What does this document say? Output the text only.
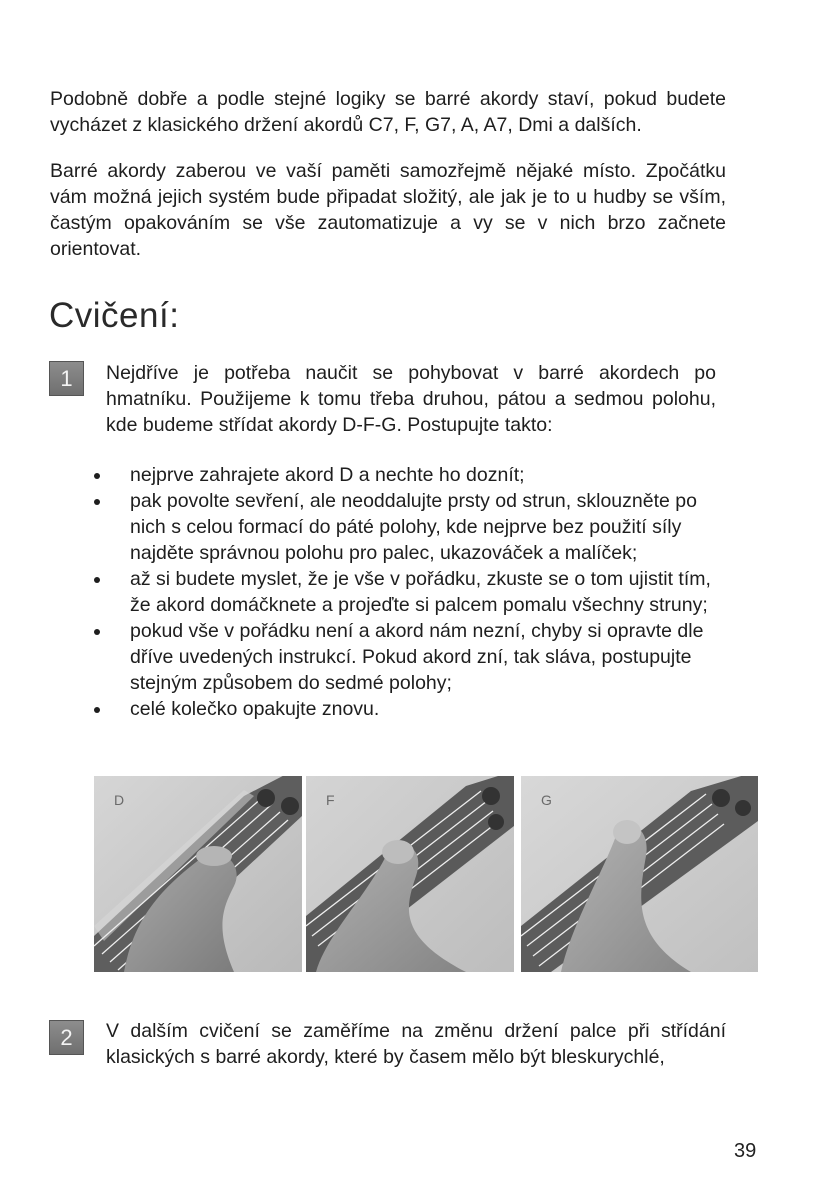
Podobně dobře a podle stejné logiky se barré akordy staví, pokud budete vycházet z klasického držení akordů C7, F, G7, A, A7, Dmi a dalších.

Barré akordy zaberou ve vaší paměti samozřejmě nějaké místo. Zpočátku vám možná jejich systém bude připadat složitý, ale jak je to u hudby se vším, častým opakováním se vše zautomatizuje a vy se v nich brzo začnete orientovat.

Cvičení:
1	Nejdříve je potřeba naučit se pohybovat v barré akordech po hmatníku. Použijeme k tomu třeba druhou, pátou a sedmou polohu, kde budeme střídat akordy D-F-G. Postupujte takto:

nejprve zahrajete akord D a nechte ho doznít;
pak povolte sevření, ale neoddalujte prsty od strun, sklouzněte po nich s celou formací do páté polohy, kde nejprve bez použití síly najděte správnou polohu pro palec, ukazováček a malíček;
až si budete myslet, že je vše v pořádku, zkuste se o tom ujistit tím, že akord domáčknete a projeďte si palcem pomalu všechny struny;
pokud vše v pořádku není a akord nám nezní, chyby si opravte dle dříve uvedených instrukcí. Pokud akord zní, tak sláva, postupujte stejným způsobem do sedmé polohy;
celé kolečko opakujte znovu.
D	F	G
2	V dalším cvičení se zaměříme na změnu držení palce při střídání klasických s barré akordy, které by časem mělo být bleskurychlé,

39
